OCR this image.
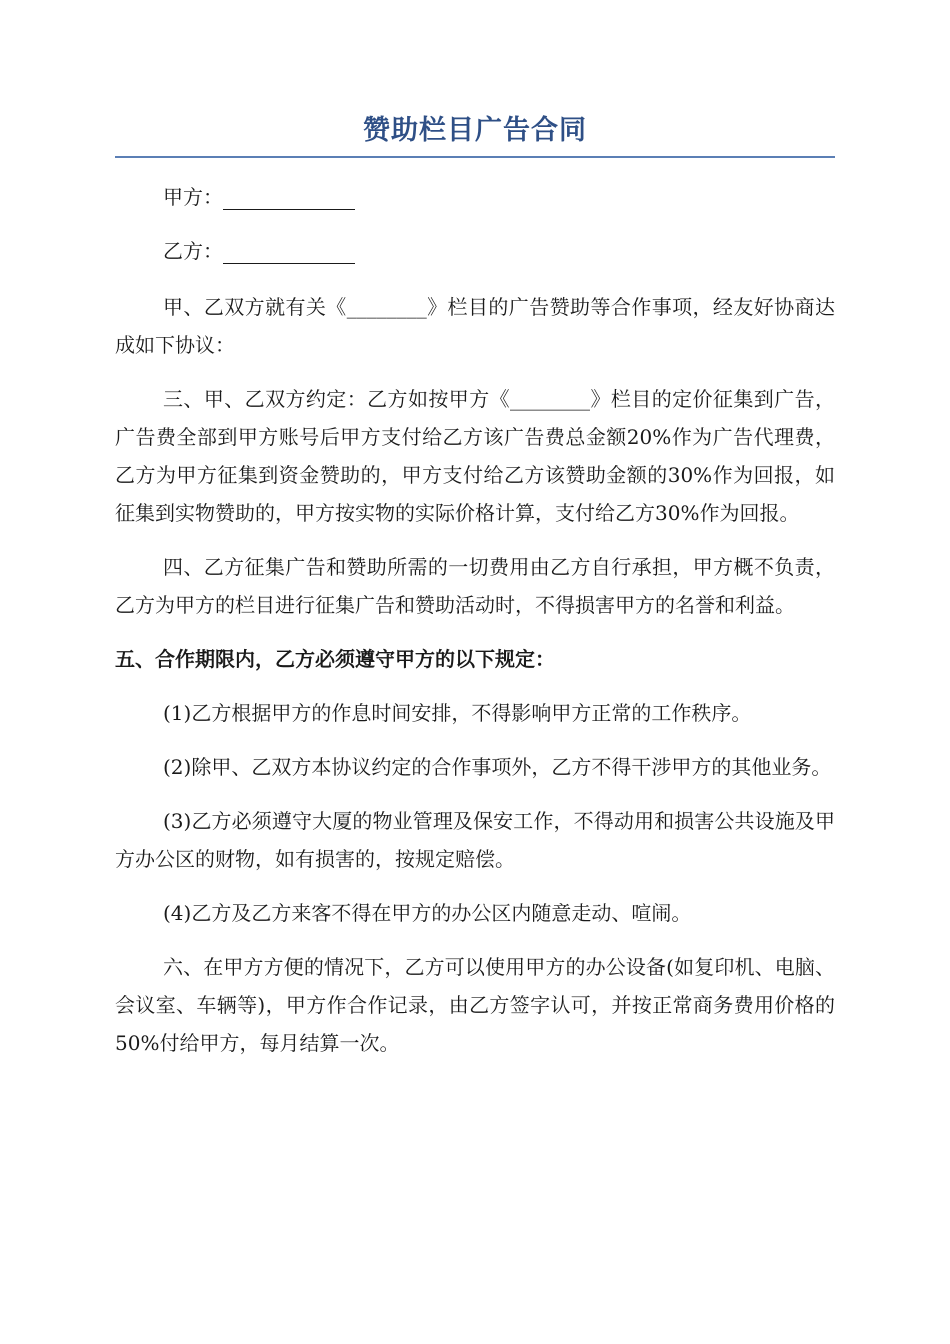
赞助栏目广告合同

甲方：

乙方：

甲、乙双方就有关《________》栏目的广告赞助等合作事项，经友好协商达成如下协议：

三、甲、乙双方约定：乙方如按甲方《________》栏目的定价征集到广告，广告费全部到甲方账号后甲方支付给乙方该广告费总金额20%作为广告代理费，乙方为甲方征集到资金赞助的，甲方支付给乙方该赞助金额的30%作为回报，如征集到实物赞助的，甲方按实物的实际价格计算，支付给乙方30%作为回报。

四、乙方征集广告和赞助所需的一切费用由乙方自行承担，甲方概不负责，乙方为甲方的栏目进行征集广告和赞助活动时，不得损害甲方的名誉和利益。

五、合作期限内，乙方必须遵守甲方的以下规定：

(1)乙方根据甲方的作息时间安排，不得影响甲方正常的工作秩序。

(2)除甲、乙双方本协议约定的合作事项外，乙方不得干涉甲方的其他业务。

(3)乙方必须遵守大厦的物业管理及保安工作，不得动用和损害公共设施及甲方办公区的财物，如有损害的，按规定赔偿。

(4)乙方及乙方来客不得在甲方的办公区内随意走动、喧闹。

六、在甲方方便的情况下，乙方可以使用甲方的办公设备(如复印机、电脑、会议室、车辆等)，甲方作合作记录，由乙方签字认可，并按正常商务费用价格的50%付给甲方，每月结算一次。
